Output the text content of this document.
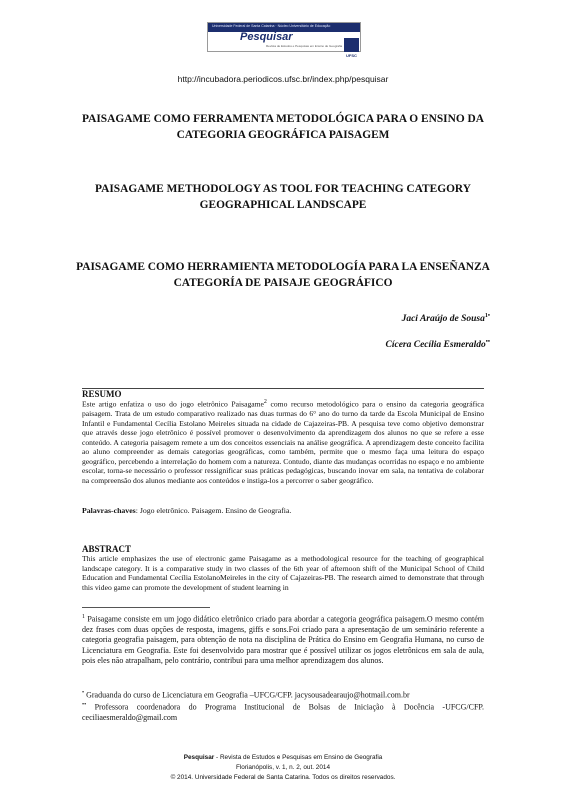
Universidade Federal de Santa Catarina · Núcleo Universitário de Educação
Pesquisar
Revista de Estudos e Pesquisas em Ensino de Geografia
UFSC
http://incubadora.periodicos.ufsc.br/index.php/pesquisar
PAISAGAME COMO FERRAMENTA METODOLÓGICA PARA O ENSINO DA CATEGORIA GEOGRÁFICA PAISAGEM
PAISAGAME METHODOLOGY AS TOOL FOR TEACHING CATEGORY GEOGRAPHICAL LANDSCAPE
PAISAGAME COMO HERRAMIENTA METODOLOGÍA PARA LA ENSEÑANZA CATEGORÍA DE PAISAJE GEOGRÁFICO
Jaci Araújo de Sousa$^{1•}$
Cícera Cecília Esmeraldo••
RESUMO
Este artigo enfatiza o uso do jogo eletrônico Paisagame$^2$ como recurso metodológico para o ensino da categoria geográfica paisagem. Trata de um estudo comparativo realizado nas duas turmas do 6° ano do turno da tarde da Escola Municipal de Ensino Infantil e Fundamental Cecília Estolano Meireles situada na cidade de Cajazeiras-PB. A pesquisa teve como objetivo demonstrar que através desse jogo eletrônico é possível promover o desenvolvimento da aprendizagem dos alunos no que se refere a esse conteúdo. A categoria paisagem remete a um dos conceitos essenciais na análise geográfica. A aprendizagem deste conceito facilita ao aluno compreender as demais categorias geográficas, como também, permite que o mesmo faça uma leitura do espaço geográfico, percebendo a interrelação do homem com a natureza. Contudo, diante das mudanças ocorridas no espaço e no ambiente escolar, torna-se necessário o professor ressignificar suas práticas pedagógicas, buscando inovar em sala, na tentativa de colaborar na compreensão dos alunos mediante aos conteúdos e instiga-los a percorrer o saber geográfico.
Palavras-chaves: Jogo eletrônico. Paisagem. Ensino de Geografia.
ABSTRACT
This article emphasizes the use of electronic game Paisagame as a methodological resource for the teaching of geographical landscape category. It is a comparative study in two classes of the 6th year of afternoon shift of the Municipal School of Child Education and Fundamental Cecília EstolanoMeireles in the city of Cajazeiras-PB. The research aimed to demonstrate that through this video game can promote the development of student learning in
$^1$ Paisagame consiste em um jogo didático eletrônico criado para abordar a categoria geográfica paisagem.O mesmo contém dez frases com duas opções de resposta, imagens, giffs e sons.Foi criado para a apresentação de um seminário referente a categoria geografia paisagem, para obtenção de nota na disciplina de Prática do Ensino em Geografia Humana, no curso de Licenciatura em Geografia. Este foi desenvolvido para mostrar que é possível utilizar os jogos eletrônicos em sala de aula, pois eles não atrapalham, pelo contrário, contribui para uma melhor aprendizagem dos alunos.
• Graduanda do curso de Licenciatura em Geografia –UFCG/CFP. jacysousadearaujo@hotmail.com.br
•• Professora coordenadora do Programa Institucional de Bolsas de Iniciação à Docência -UFCG/CFP. ceciliaesmeraldo@gmail.com
Pesquisar - Revista de Estudos e Pesquisas em Ensino de Geografia
Florianópolis, v. 1, n. 2, out. 2014
© 2014. Universidade Federal de Santa Catarina. Todos os direitos reservados.
